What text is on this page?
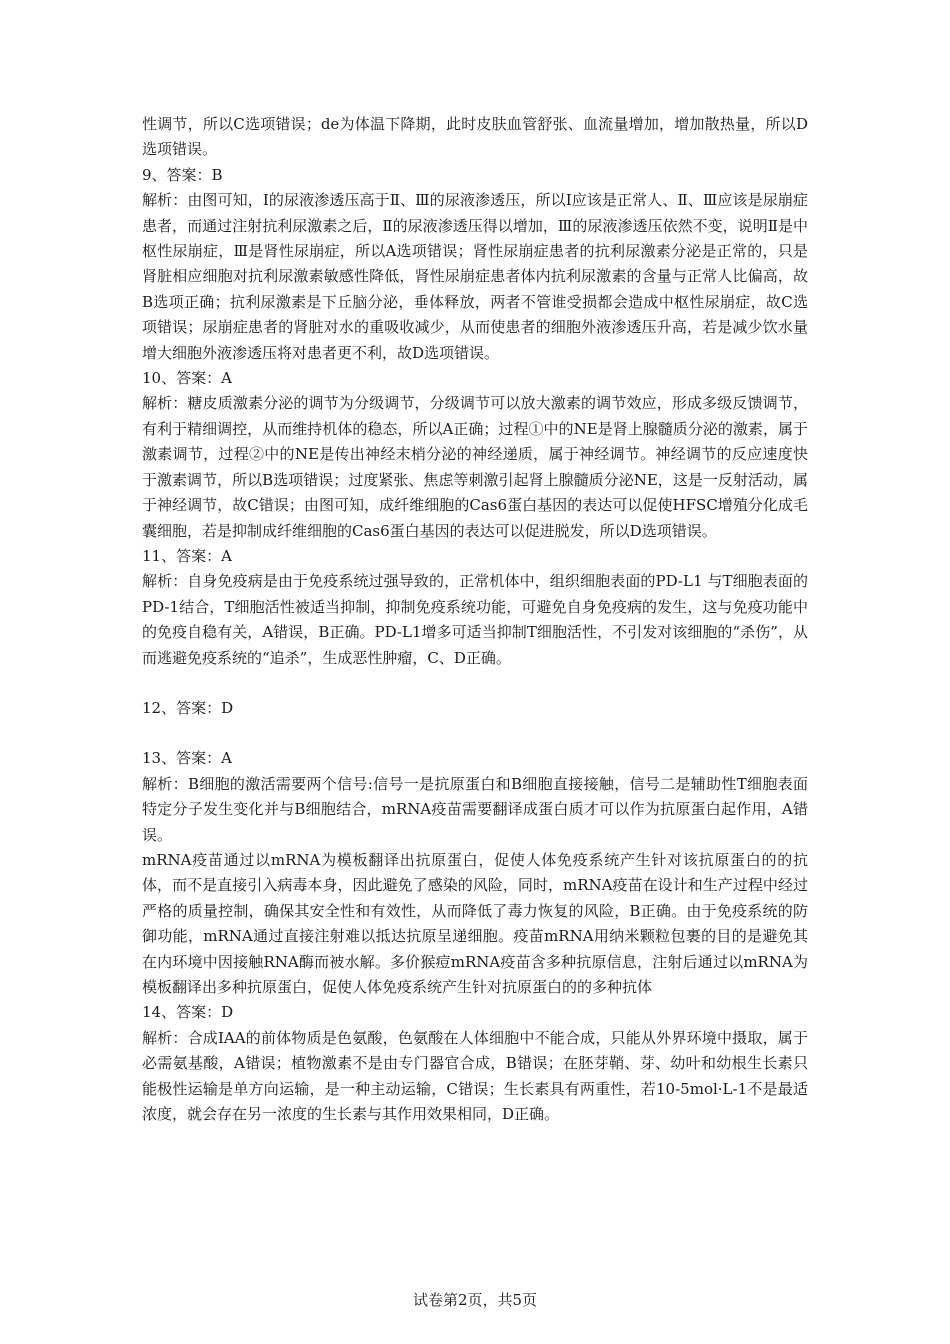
性调节，所以C选项错误；de为体温下降期，此时皮肤血管舒张、血流量增加，增加散热量，所以D选项错误。

9、答案：B

解析：由图可知，Ⅰ的尿液渗透压高于Ⅱ、Ⅲ的尿液渗透压，所以Ⅰ应该是正常人、Ⅱ、Ⅲ应该是尿崩症患者，而通过注射抗利尿激素之后，Ⅱ的尿液渗透压得以增加，Ⅲ的尿液渗透压依然不变，说明Ⅱ是中枢性尿崩症，Ⅲ是肾性尿崩症，所以A选项错误；肾性尿崩症患者的抗利尿激素分泌是正常的，只是肾脏相应细胞对抗利尿激素敏感性降低，肾性尿崩症患者体内抗利尿激素的含量与正常人比偏高，故B选项正确；抗利尿激素是下丘脑分泌，垂体释放，两者不管谁受损都会造成中枢性尿崩症，故C选项错误；尿崩症患者的肾脏对水的重吸收减少，从而使患者的细胞外液渗透压升高，若是减少饮水量增大细胞外液渗透压将对患者更不利，故D选项错误。

10、答案：A

解析：糖皮质激素分泌的调节为分级调节，分级调节可以放大激素的调节效应，形成多级反馈调节，有利于精细调控，从而维持机体的稳态，所以A正确；过程①中的NE是肾上腺髓质分泌的激素，属于激素调节，过程②中的NE是传出神经末梢分泌的神经递质，属于神经调节。神经调节的反应速度快于激素调节，所以B选项错误；过度紧张、焦虑等刺激引起肾上腺髓质分泌NE，这是一反射活动，属于神经调节，故C错误；由图可知，成纤维细胞的Cas6蛋白基因的表达可以促使HFSC增殖分化成毛囊细胞，若是抑制成纤维细胞的Cas6蛋白基因的表达可以促进脱发，所以D选项错误。

11、答案：A

解析：自身免疫病是由于免疫系统过强导致的，正常机体中，组织细胞表面的PD-L1 与T细胞表面的PD-1结合，T细胞活性被适当抑制，抑制免疫系统功能，可避免自身免疫病的发生，这与免疫功能中的免疫自稳有关，A错误，B正确。PD-L1增多可适当抑制T细胞活性，不引发对该细胞的“杀伤”，从而逃避免疫系统的“追杀”，生成恶性肿瘤，C、D正确。

12、答案：D

13、答案：A

解析：B细胞的激活需要两个信号:信号一是抗原蛋白和B细胞直接接触，信号二是辅助性T细胞表面特定分子发生变化并与B细胞结合，mRNA疫苗需要翻译成蛋白质才可以作为抗原蛋白起作用，A错误。

mRNA疫苗通过以mRNA为模板翻译出抗原蛋白，促使人体免疫系统产生针对该抗原蛋白的的抗体，而不是直接引入病毒本身，因此避免了感染的风险，同时，mRNA疫苗在设计和生产过程中经过严格的质量控制，确保其安全性和有效性，从而降低了毒力恢复的风险，B正确。由于免疫系统的防御功能，mRNA通过直接注射难以抵达抗原呈递细胞。疫苗mRNA用纳米颗粒包裹的目的是避免其在内环境中因接触RNA酶而被水解。多价猴痘mRNA疫苗含多种抗原信息，注射后通过以mRNA为模板翻译出多种抗原蛋白，促使人体免疫系统产生针对抗原蛋白的的多种抗体

14、答案：D

解析：合成IAA的前体物质是色氨酸，色氨酸在人体细胞中不能合成，只能从外界环境中摄取，属于必需氨基酸，A错误；植物激素不是由专门器官合成，B错误；在胚芽鞘、芽、幼叶和幼根生长素只能极性运输是单方向运输，是一种主动运输，C错误；生长素具有两重性，若10-5mol·L-1不是最适浓度，就会存在另一浓度的生长素与其作用效果相同，D正确。

试卷第2页，共5页
